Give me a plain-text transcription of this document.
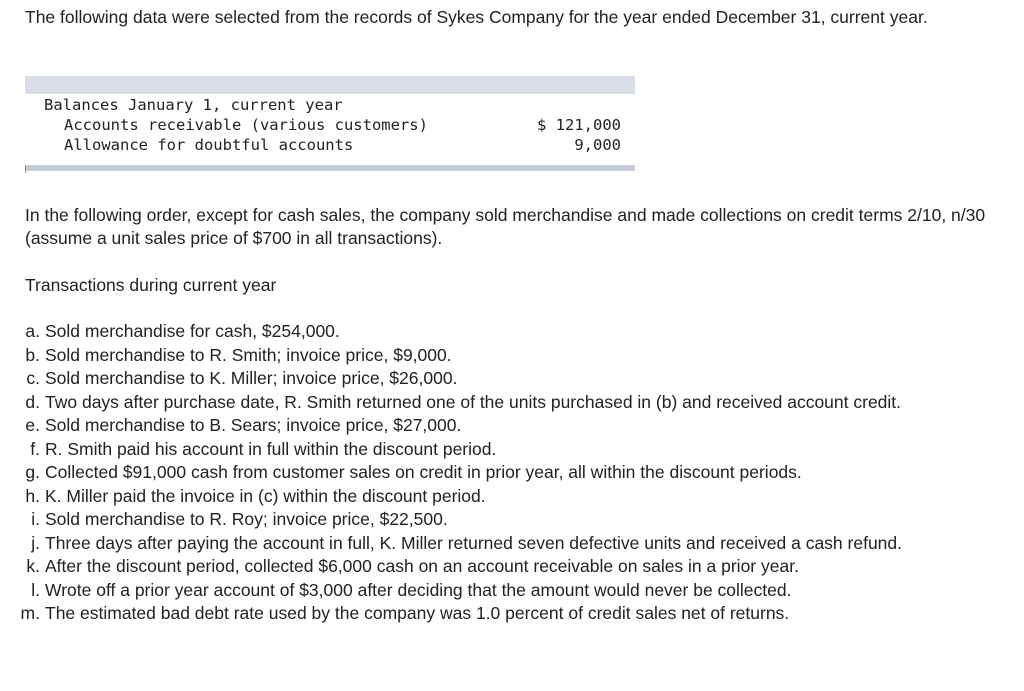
The following data were selected from the records of Sykes Company for the year ended December 31, current year.
Balances January 1, current year
Accounts receivable (various customers)	$ 121,000
Allowance for doubtful accounts	9,000
In the following order, except for cash sales, the company sold merchandise and made collections on credit terms 2/10, n/30 (assume a unit sales price of $700 in all transactions).
Transactions during current year
a. Sold merchandise for cash, $254,000.
b. Sold merchandise to R. Smith; invoice price, $9,000.
c. Sold merchandise to K. Miller; invoice price, $26,000.
d. Two days after purchase date, R. Smith returned one of the units purchased in (b) and received account credit.
e. Sold merchandise to B. Sears; invoice price, $27,000.
f. R. Smith paid his account in full within the discount period.
g. Collected $91,000 cash from customer sales on credit in prior year, all within the discount periods.
h. K. Miller paid the invoice in (c) within the discount period.
i. Sold merchandise to R. Roy; invoice price, $22,500.
j. Three days after paying the account in full, K. Miller returned seven defective units and received a cash refund.
k. After the discount period, collected $6,000 cash on an account receivable on sales in a prior year.
l. Wrote off a prior year account of $3,000 after deciding that the amount would never be collected.
m. The estimated bad debt rate used by the company was 1.0 percent of credit sales net of returns.
